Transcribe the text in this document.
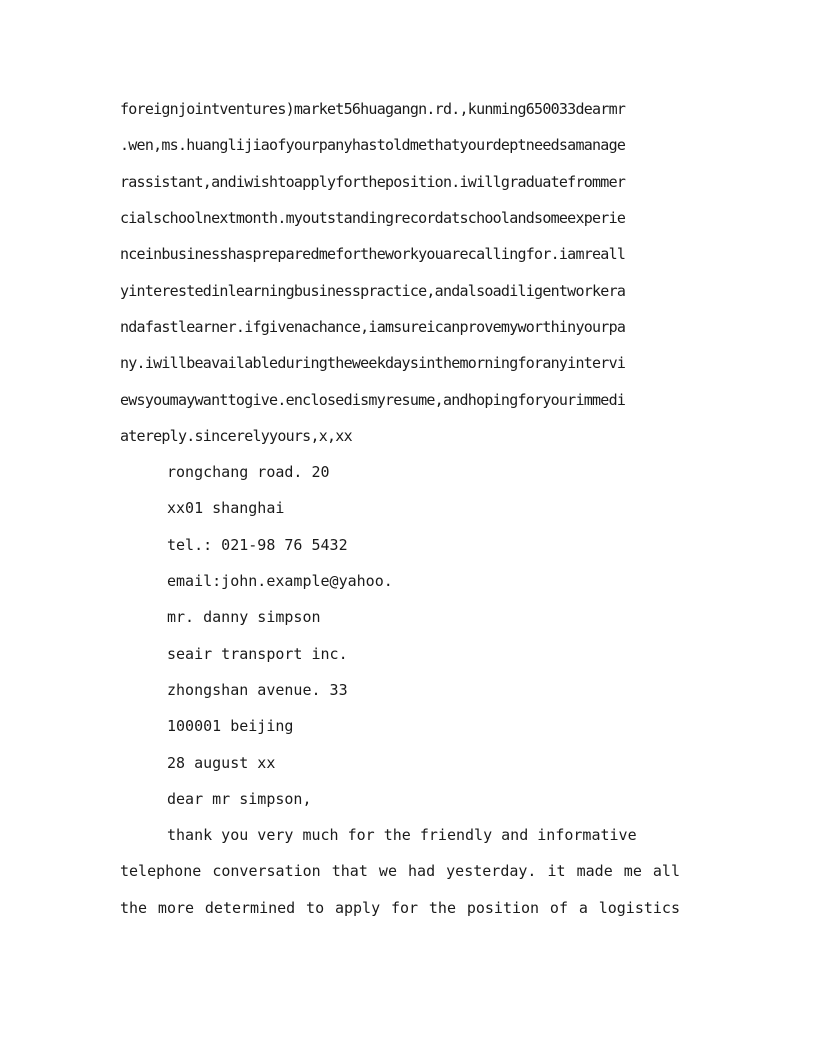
foreignjointventures)market56huagangn.rd.,kunming650033dearmr
.wen,ms.huanglijiaofyourpanyhastoldmethatyourdeptneedsamanage
rassistant,andiwishtoapplyfortheposition.iwillgraduatefrommer
cialschoolnextmonth.myoutstandingrecordatschoolandsomeexperie
nceinbusinesshaspreparedmefortheworkyouarecallingfor.iamreall
yinterestedinlearningbusinesspractice,andalsoadiligentworkera
ndafastlearner.ifgivenachance,iamsureicanprovemyworthinyourpa
ny.iwillbeavailableduringtheweekdaysinthemorningforanyintervi
ewsyoumaywanttogive.enclosedismyresume,andhopingforyourimmedi
atereply.sincerelyyours,x,xx
rongchang road. 20
xx01 shanghai
tel.: 021-98 76 5432
email:john.example@yahoo.
mr. danny simpson
seair transport inc.
zhongshan avenue. 33
100001 beijing
28 august xx
dear mr simpson,
thank you very much for the friendly and informative
telephone conversation that we had yesterday. it made me all
the more determined to apply for the position of a logistics
